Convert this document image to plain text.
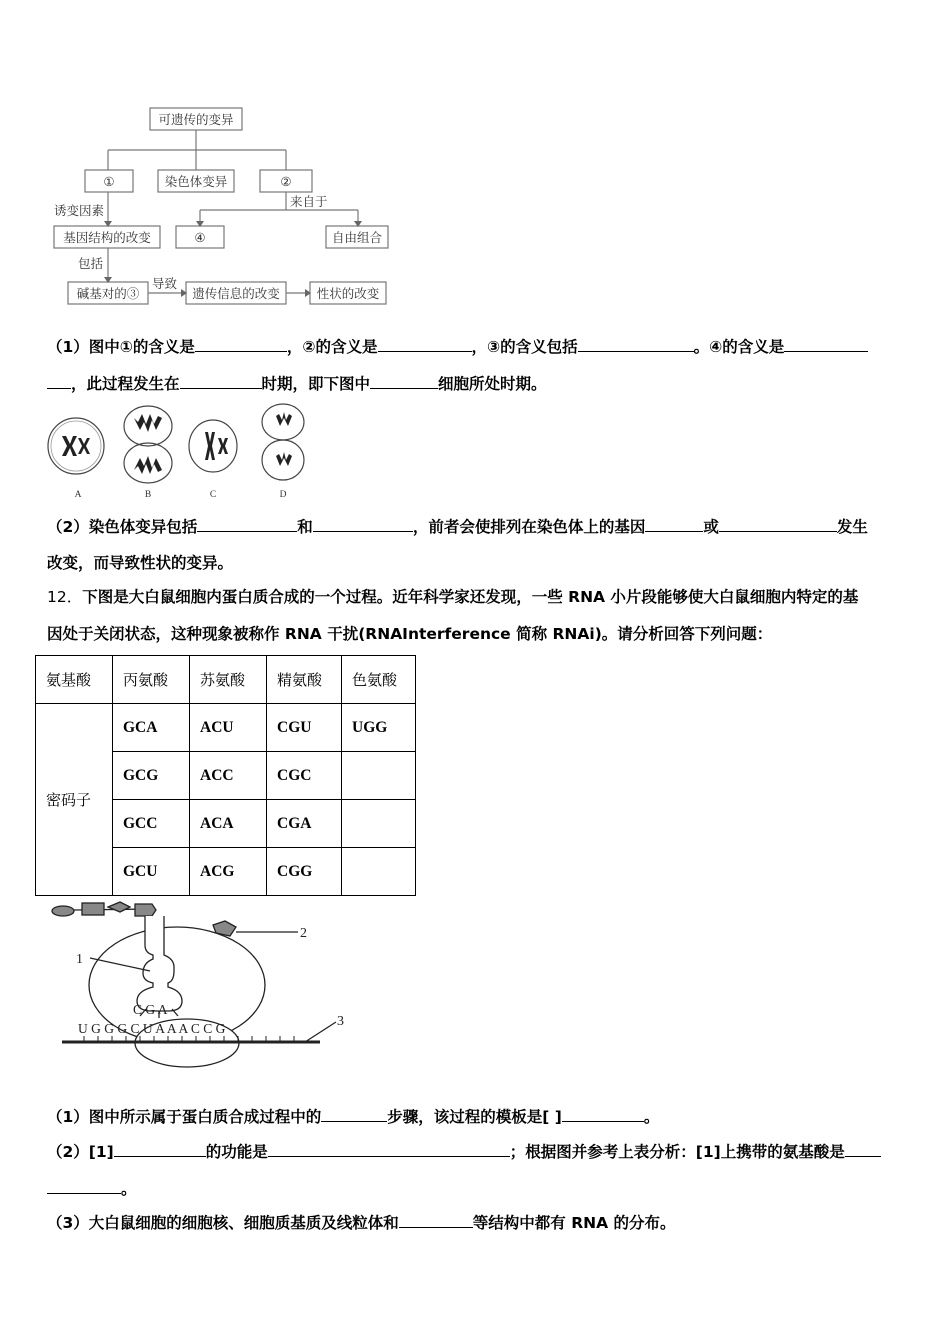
可遗传的变异
①	染色体变异	②
基因结构的改变	④	自由组合
碱基对的③	遗传信息的改变	性状的改变
诱变因素
来自于
包括
导致
（1）图中①的含义是	，②的含义是	，③的含义包括	。④的含义是
，此过程发生在	时期，即下图中	细胞所处时期。
A	B	C	D
（2）染色体变异包括	和	，前者会使排列在染色体上的基因	或	发生
改变，而导致性状的变异。
12．下图是大白鼠细胞内蛋白质合成的一个过程。近年科学家还发现，一些 RNA 小片段能够使大白鼠细胞内特定的基
因处于关闭状态，这种现象被称作 RNA 干扰(RNAInterference 简称 RNAi)。请分析回答下列问题：
氨基酸	丙氨酸	苏氨酸	精氨酸	色氨酸
密码子	GCA	ACU	CGU	UGG
	GCG	ACC	CGC	
	GCC	ACA	CGA	
	GCU	ACG	CGG	
1
2
3
C G A
U G G G C U A A A C C G
（1）图中所示属于蛋白质合成过程中的	步骤，该过程的模板是[ ]	。
（2）[1]	的功能是	；根据图并参考上表分析：[1]上携带的氨基酸是
。
（3）大白鼠细胞的细胞核、细胞质基质及线粒体和	等结构中都有 RNA 的分布。
